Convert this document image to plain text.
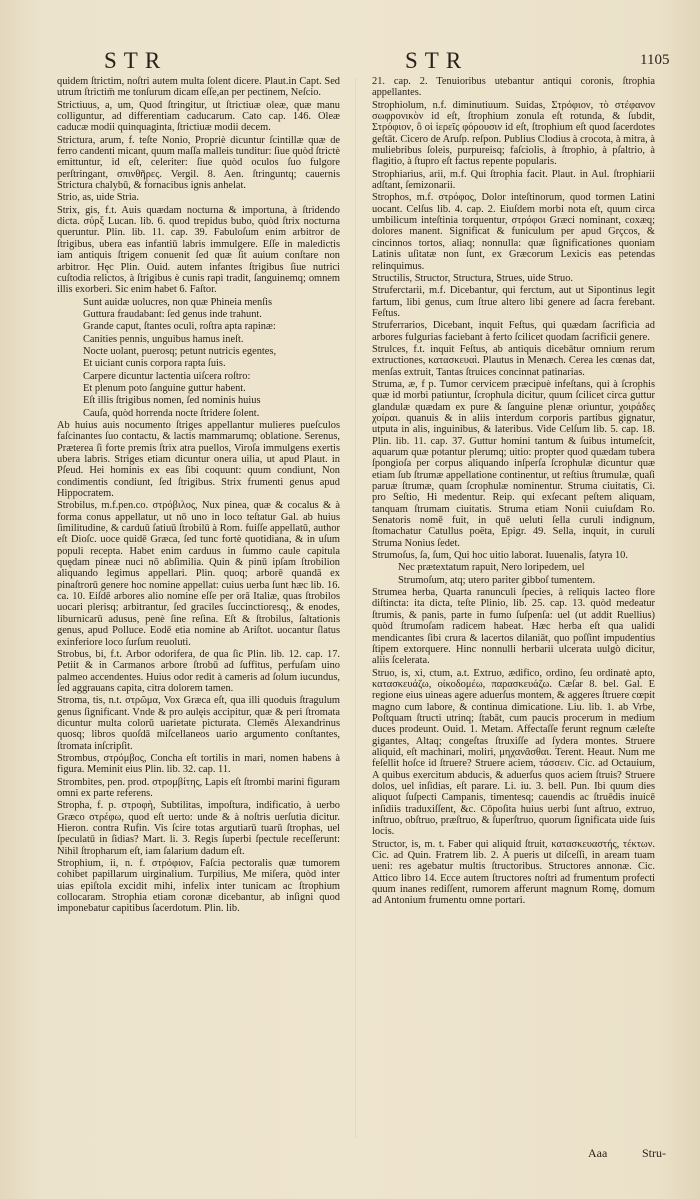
STR	STR	1105

quidem ſtrictim, noſtri autem multa ſolent dicere. Plaut.in Capt. Sed utrum ſtrictim̄ me tonſurum dicam eſſe,an per pectinem, Neſcio.

Strictiuus, a, um, Quod ſtringitur, ut ſtrictiuæ oleæ, quæ manu colliguntur, ad differentiam caducarum. Cato cap. 146. Oleæ caducæ modii quinquaginta, ſtrictiuæ modii decem.

Strictura, arum, f. teſte Nonio, Propriè dicuntur ſcintillæ quæ de ferro candenti micant, quum maſſa malleis tunditur: ſiue quòd ſtrictè emittuntur, id eſt, celeriter: ſiue quòd oculos ſuo fulgore perſtringant, σπινθῆρες. Vergil. 8. Aen. ſtringuntq; cauernis Strictura chalybū, & fornacibus ignis anhelat.

Strio, as, uide Stria.

Strix, gis, f.t. Auis quædam nocturna & importuna, à ſtridendo dicta. σύρξ Lucan. lib. 6. quod trepidus bubo, quòd ſtrix nocturna queruntur. Plin. lib. 11. cap. 39. Fabuloſum enim arbitror de ſtrigibus, ubera eas infantiū labris immulgere. Eſſe in maledictis iam antiquis ſtrigem conuenit ſed quæ ſit auium conſtare non arbitror. Hęc Plin. Ouid. autem infantes ſtrigibus ſiue nutrici cuſtodia relictos, à ſtrigibus è cunis rapi tradit, ſanguinemq; omnem illis exorberi. Sic enim habet 6. Faſtor.

Sunt auidæ uolucres, non quæ Phineia menſis

Guttura fraudabant: ſed genus inde trahunt.

Grande caput, ſtantes oculi, roſtra apta rapinæ:

Canities pennis, unguibus hamus ineſt.

Nocte uolant, puerosq; petunt nutricis egentes,

Et uiciant cunis corpora rapta ſuis.

Carpere dicuntur lactentia uiſcera roſtro:

Et plenum poto ſanguine guttur habent.

Eſt illis ſtrigibus nomen, ſed nominis huius

Cauſa, quòd horrenda nocte ſtridere ſolent.

Ab huius auis nocumento ſtriges appellantur mulieres pueſculos faſcinantes ſuo contactu, & lactis mammarumq; oblatione. Serenus, Præterea ſi forte premis ſtrix atra puellos, Viroſa immulgens exertis ubera labris. Striges etiam dicuntur onera uilia, ut apud Plaut. in Pſeud. Hei hominis ex eas ſibi coquunt: quum condiunt, Non condimentis condiunt, ſed ſtrigibus. Strix frumenti genus apud Hippocratem.

Strobilus, m.f.pen.co. στρόβιλος, Nux pinea, quæ & cocalus & à forma conus appellatur, ut nō uno in loco teſtatur Gal. ab huius ſimilitudine, & carduū ſatiuū ſtrobilū à Rom. fuiſſe appellatū, author eſt Dioſc. uoce quidē Græca, ſed tunc fortè quotidiana, & in uſum populi recepta. Habet enim carduus in ſummo caule capitula quędam pineæ nuci nō abſimilia. Quin & pinū ipſam ſtrobilion aliquando legimus appellari. Plin. quoq; arborē quandā ex pinaſtrorū genere hoc nomine appellat: cuius uerba ſunt hæc lib. 16. ca. 10. Eiſdē arbores alio nomine eſſe per orā Italiæ, quas ſtrobilos uocari plerisq; arbitrantur, ſed graciles ſuccinctioresq;, & enodes, liburnicarū adusus, penè ſine reſina. Eſt & ſtrobilus, ſaltationis genus, apud Polluce. Eodē etia nomine ab Ariſtot. uocantur ſlatus exinferiore loco ſurſum reuoluti.

Strobus, bi, f.t. Arbor odorifera, de qua ſic Plin. lib. 12. cap. 17. Petiit & in Carmanos arbore ſtrobū ad ſuffitus, perfuſam uino palmeo accendentes. Huius odor redit à cameris ad ſolum iucundus, ſed aggrauans capita, citra dolorem tamen.

Stroma, tis, n.t. στρῶμα, Vox Græca eſt, qua illi quoduis ſtragulum genus ſignificant. Vnde & pro aulęis accipitur, quæ & peri ſtromata dicuntur multa colorū uarietate picturata. Clemēs Alexandrinus quosq; libros quoſdā miſcellaneos uario argumento conſtantes, ſtromata inſcripſit.

Strombus, στρόμβος, Concha eſt tortilis in mari, nomen habens à figura. Meminit eius Plin. lib. 32. cap. 11.

Strombites, pen. prod. στρομβίτης, Lapis eſt ſtrombi marini figuram omni ex parte referens.

Stropha, f. p. στροφὴ, Subtilitas, impoſtura, indificatio, à uerbo Græco στρέφω, quod eſt uerto: unde & à noſtris uerſutia dicitur. Hieron. contra Rufin. Vis ſcire totas argutiarū tuarū ſtrophas, uel ſpeculatū in ſidias? Mart. li. 3. Regis ſuperbi ſpectule receſſerunt: Nihil ſtropharum eſt, iam ſalarium dadum eſt.

Strophium, ii, n. f. στρόφιον, Faſcia pectoralis quæ tumorem cohibet papillarum uirginalium. Turpilius, Me miſera, quòd inter uias epiſtola excidit mihi, infelix inter tunicam ac ſtrophium collocaram. Strophia etiam coronæ dicebantur, ab inſigni quod imponebatur capitibus ſacerdotum. Plin. lib.

21. cap. 2. Tenuioribus utebantur antiqui coronis, ſtrophia appellantes.

Strophiolum, n.f. diminutiuum. Suidas, Στρόφιον, τὸ στέφανον σωφρονικὸν id eſt, ſtrophium zonula eſt rotunda, & ſubdit, Στρόφιον, ὃ οἱ ἱερεῖς φόρουσιν id eſt, ſtrophium eſt quod ſacerdotes geſtāt. Cicero de Aruſp. reſpon. Publius Clodius à crocota, à mitra, à muliebribus ſoleis, purpureisq; faſciolis, à ſtrophio, à pſaltrio, à flagitio, à ſtupro eſt factus repente popularis.

Strophiarius, arii, m.f. Qui ſtrophia facit. Plaut. in Aul. ſtrophiarii adſtant, ſemizonarii.

Strophos, m.f. στρόφος, Dolor inteſtinorum, quod tormen Latini uocant. Celſus lib. 4. cap. 2. Eiuſdem morbi nota eſt, quum circa umbilicum inteſtinia torquentur, στρόφοι Græci nominant, coxæq; dolores manent. Significat & funiculum per apud Grçcos, & cincinnos tortos, aliaq; nonnulla: quæ ſignificationes quoniam Latinis uſitatæ non ſunt, ex Græcorum Lexicis eas petendas relinquimus.

Structilis, Structor, Structura, Strues, uide Struo.

Struferctarii, m.f. Dicebantur, qui ferctum, aut ut Sipontinus legit fartum, libi genus, cum ſtrue altero libi genere ad ſacra ferebant. Feſtus.

Struferrarios, Dicebant, inquit Feſtus, qui quædam ſacrificia ad arbores fulgurias faciebant à ferto ſcilicet quodam ſacrificii genere.

Strulces, f.t. inquit Feſtus, ab antiquis dicebātur omnium rerum extructiones, κατασκευαὶ. Plautus in Menæch. Cerea les cœnas dat, menſas extruit, Tantas ſtruices concinnat patinarias.

Struma, æ, f p. Tumor cervicem præcipuè infeſtans, qui à ſcrophis quæ id morbi patiuntur, ſcrophula dicitur, quum ſcilicet circa guttur glandulæ quædam ex pure & ſanguine plenæ oriuntur, χοιράδες χοίραι. quanuis & in aliis interdum corporis partibus gignatur, utputa in alis, inguinibus, & lateribus. Vide Celſum lib. 5. cap. 18. Plin. lib. 11. cap. 37. Guttur homini tantum & ſuibus intumeſcit, aquarum quæ potantur plerumq; uitio: propter quod quædam tubera ſpongioſa per corpus aliquando inſperſa ſcrophulæ dicuntur quæ etiam ſub ſtrumæ appellatione continentur, ut reſtius ſtrumulæ, quaſi paruæ ſtrumæ, quam ſcrophulæ nominentur. Struma ciuitatis, Ci. pro Seſtio, Hi medentur. Reip. qui exſecant peſtem aliquam, tanquam ſtrumam ciuitatis. Struma etiam Nonii cuiuſdam Ro. Senatoris nomē fuit, in quē ueluti ſella curuli indignum, ſtomachatur Catullus poëta, Epigr. 49. Sella, inquit, in curuli Struma Nonius ſedet.

Strumoſus, ſa, ſum, Qui hoc uitio laborat. Iuuenalis, ſatyra 10.

Nec prætextatum rapuit, Nero loripedem, uel

Strumoſum, atq; utero pariter gibboſ tumentem.

Strumea herba, Quarta ranunculi ſpecies, à reliquis lacteo flore diſtincta: ita dicta, teſte Plinio, lib. 25. cap. 13. quòd medeatur ſtrumis, & panis, parte in fumo ſuſpenſa: uel (ut addit Ruellius) quòd ſtrumoſam radicem habeat. Hæc herba eſt qua ualidi mendicantes ſibi crura & lacertos dilaniāt, quo poſſint impudentius ſtipem extorquere. Hinc nonnulli herbarii ulcerata uulgò dicitur, aliis ſcelerata.

Struo, is, xi, ctum, a.t. Extruo, ædifico, ordino, ſeu ordinatè apto, κατασκευάζω, οἰκοδομέω, παρασκευάζω. Cæſar 8. bel. Gal. E regione eius uineas agere aduerſus montem, & aggeres ſtruere cœpit magno cum labore, & continua dimicatione. Liu. lib. 1. ab Vrbe, Poſtquam ſtructi utrinq; ſtabāt, cum paucis procerum in medium duces prodeunt. Ouid. 1. Metam. Affectaſſe ferunt regnum cæleſte gigantes, Altaq; congeſtas ſtruxiſſe ad ſydera montes. Struere aliquid, eſt machinari, moliri, μηχανᾶσθαι. Terent. Heaut. Num me feſellit hoſce id ſtruere? Struere aciem, τάσσειν. Cic. ad Octauium, A quibus exercitum abducis, & aduerſus quos aciem ſtruis? Struere dolos, uel inſidias, eſt parare. Li. iu. 3. bell. Pun. Ibi quum dies aliquot ſuſpecti Campanis, timentesq; cauendis ac ſtruēdis inuicē inſidiis traduxiſſent, &c. Cōpoſita huius uerbi ſunt aſtruo, extruo, inſtruo, obſtruo, præſtruo, & ſuperſtruo, quorum ſignificata uide ſuis locis.

Structor, is, m. t. Faber qui aliquid ſtruit, κατασκευαστής, τέκτων. Cic. ad Quin. Fratrem lib. 2. A pueris ut diſceſſi, in aream tuam ueni: res agebatur multis ſtructoribus. Structores annonæ. Cic. Attico libro 14. Ecce autem ſtructores noſtri ad frumentum profecti quum inanes rediſſent, rumorem afferunt magnum Romę, domum ad Antonium frumentu omne portari.

Aaa	Stru-
